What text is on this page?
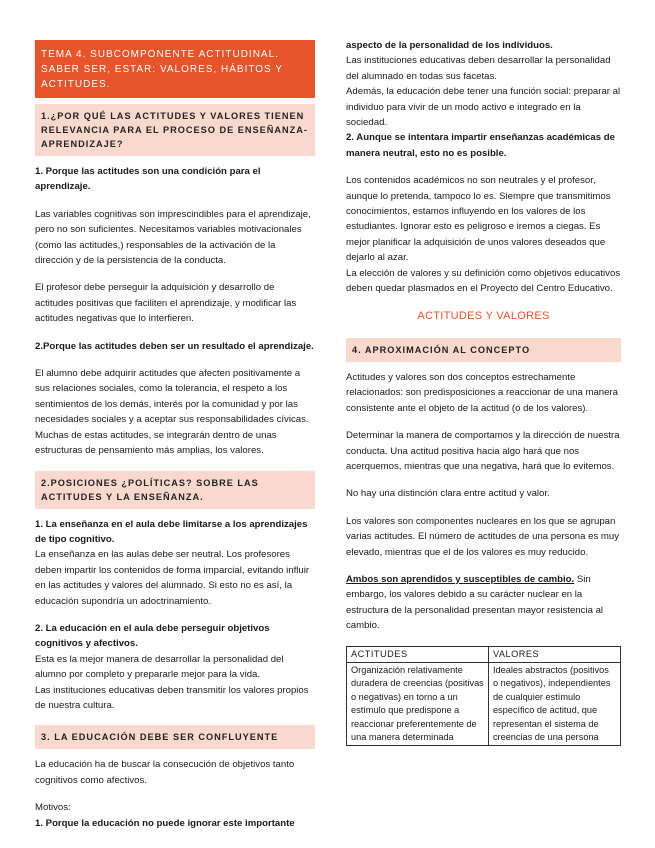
TEMA 4. SUBCOMPONENTE ACTITUDINAL. SABER SER, ESTAR: VALORES, HÁBITOS Y ACTITUDES.
1.¿POR QUÉ LAS ACTITUDES Y VALORES TIENEN RELEVANCIA PARA EL PROCESO DE ENSEÑANZA-APRENDIZAJE?

1. Porque las actitudes son una condición para el aprendizaje.

Las variables cognitivas son imprescindibles para el aprendizaje, pero no son suficientes. Necesitamos variables motivacionales (como las actitudes,) responsables de la activación de la dirección y de la persistencia de la conducta.

El profesor debe perseguir la adquisición y desarrollo de actitudes positivas que faciliten el aprendizaje, y modificar las actitudes negativas que lo interfieren.

2.Porque las actitudes deben ser un resultado el aprendizaje.

El alumno debe adquirir actitudes que afecten positivamente a sus relaciones sociales, como la tolerancia, el respeto a los sentimientos de los demás, interés por la comunidad y por las necesidades sociales y a aceptar sus responsabilidades cívicas.

Muchas de estas actitudes, se integrarán dentro de unas estructuras de pensamiento más amplias, los valores.

2.POSICIONES ¿POLÍTICAS? SOBRE LAS ACTITUDES Y LA ENSEÑANZA.

1. La enseñanza en el aula debe limitarse a los aprendizajes de tipo cognitivo.

La enseñanza en las aulas debe ser neutral. Los profesores deben impartir los contenidos de forma imparcial, evitando influir en las actitudes y valores del alumnado. Si esto no es así, la educación supondría un adoctrinamiento.

2. La educación en el aula debe perseguir objetivos cognitivos y afectivos.

Esta es la mejor manera de desarrollar la personalidad del alumno por completo y prepararle mejor para la vida.

Las instituciones educativas deben transmitir los valores propios de nuestra cultura.

3. LA EDUCACIÓN DEBE SER CONFLUYENTE

La educación ha de buscar la consecución de objetivos tanto cognitivos como afectivos.

Motivos:

1. Porque la educación no puede ignorar este importante

aspecto de la personalidad de los individuos.

Las instituciones educativas deben desarrollar la personalidad del alumnado en todas sus facetas.

Además, la educación debe tener una función social: preparar al individuo para vivir de un modo activo e integrado en la sociedad.

2. Aunque se intentara impartir enseñanzas académicas de manera neutral, esto no es posible.

Los contenidos académicos no son neutrales y el profesor, aunque lo pretenda, tampoco lo es. Siempre que transmitimos conocimientos, estamos influyendo en los valores de los estudiantes. Ignorar esto es peligroso e iremos a ciegas. Es mejor planificar la adquisición de unos valores deseados que dejarlo al azar.

La elección de valores y su definición como objetivos educativos deben quedar plasmados en el Proyecto del Centro Educativo.

ACTITUDES Y VALORES
4. APROXIMACIÓN AL CONCEPTO

Actitudes y valores son dos conceptos estrechamente relacionados: son predisposiciones a reaccionar de una manera consistente ante el objeto de la actitud (o de los valores).

Determinar la manera de comportamos y la dirección de nuestra conducta. Una actitud positiva hacia algo hará que nos acerquemos, mientras que una negativa, hará que lo evitemos.

No hay una distinción clara entre actitud y valor.

Los valores son componentes nucleares en los que se agrupan varias actitudes. El número de actitudes de una persona es muy elevado, mientras que el de los valores es muy reducido.

Ambos son aprendidos y susceptibles de cambio. Sin embargo, los valores debido a su carácter nuclear en la estructura de la personalidad presentan mayor resistencia al cambio.

ACTITUDES	VALORES
Organización relativamente duradera de creencias (positivas o negativas) en torno a un estímulo que predispone a reaccionar preferentemente de una manera determinada	Ideales abstractos (positivos o negativos), independientes de cualquier estímulo específico de actitud, que representan el sistema de creencias de una persona
